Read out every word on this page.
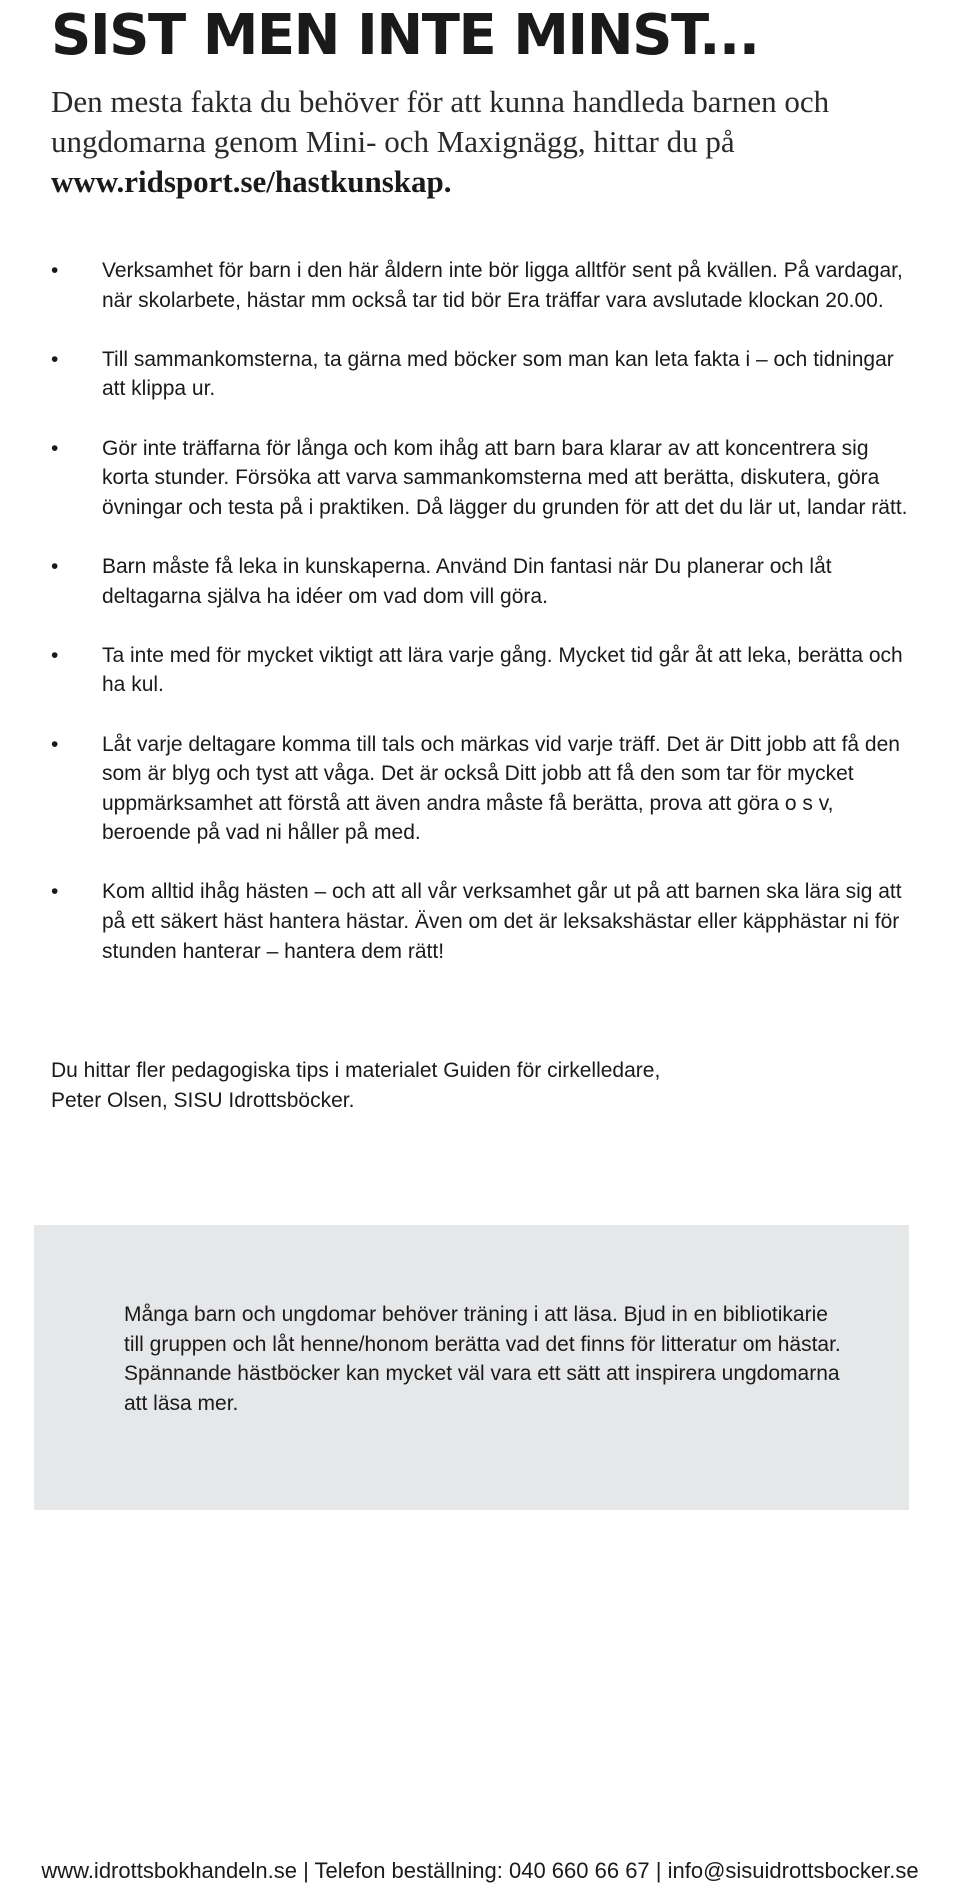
SIST MEN INTE MINST...

Den mesta fakta du behöver för att kunna handleda barnen och ungdomarna genom Mini- och Maxignägg, hittar du på www.ridsport.se/hastkunskap.

•	Verksamhet för barn i den här åldern inte bör ligga alltför sent på kvällen. På vardagar, när skolarbete, hästar mm också tar tid bör Era träffar vara avslutade klockan 20.00.
•	Till sammankomsterna, ta gärna med böcker som man kan leta fakta i – och tidningar att klippa ur.
•	Gör inte träffarna för långa och kom ihåg att barn bara klarar av att koncentrera sig korta stunder. Försöka att varva sammankomsterna med att berätta, diskutera, göra övningar och testa på i praktiken. Då lägger du grunden för att det du lär ut, landar rätt.
•	Barn måste få leka in kunskaperna. Använd Din fantasi när Du planerar och låt deltagarna själva ha idéer om vad dom vill göra.
•	Ta inte med för mycket viktigt att lära varje gång. Mycket tid går åt att leka, berätta och ha kul.
•	Låt varje deltagare komma till tals och märkas vid varje träff. Det är Ditt jobb att få den som är blyg och tyst att våga. Det är också Ditt jobb att få den som tar för mycket uppmärksamhet att förstå att även andra måste få berätta, prova att göra o s v, beroende på vad ni håller på med.
•	Kom alltid ihåg hästen – och att all vår verksamhet går ut på att barnen ska lära sig att på ett säkert häst hantera hästar. Även om det är leksakshästar eller käpphästar ni för stunden hanterar – hantera dem rätt!

Du hittar fler pedagogiska tips i materialet Guiden för cirkelledare,
Peter Olsen, SISU Idrottsböcker.

Många barn och ungdomar behöver träning i att läsa. Bjud in en bibliotikarie till gruppen och låt henne/honom berätta vad det finns för litteratur om hästar. Spännande hästböcker kan mycket väl vara ett sätt att inspirera ungdomarna att läsa mer.

www.idrottsbokhandeln.se | Telefon beställning: 040 660 66 67 | info@sisuidrottsbocker.se
